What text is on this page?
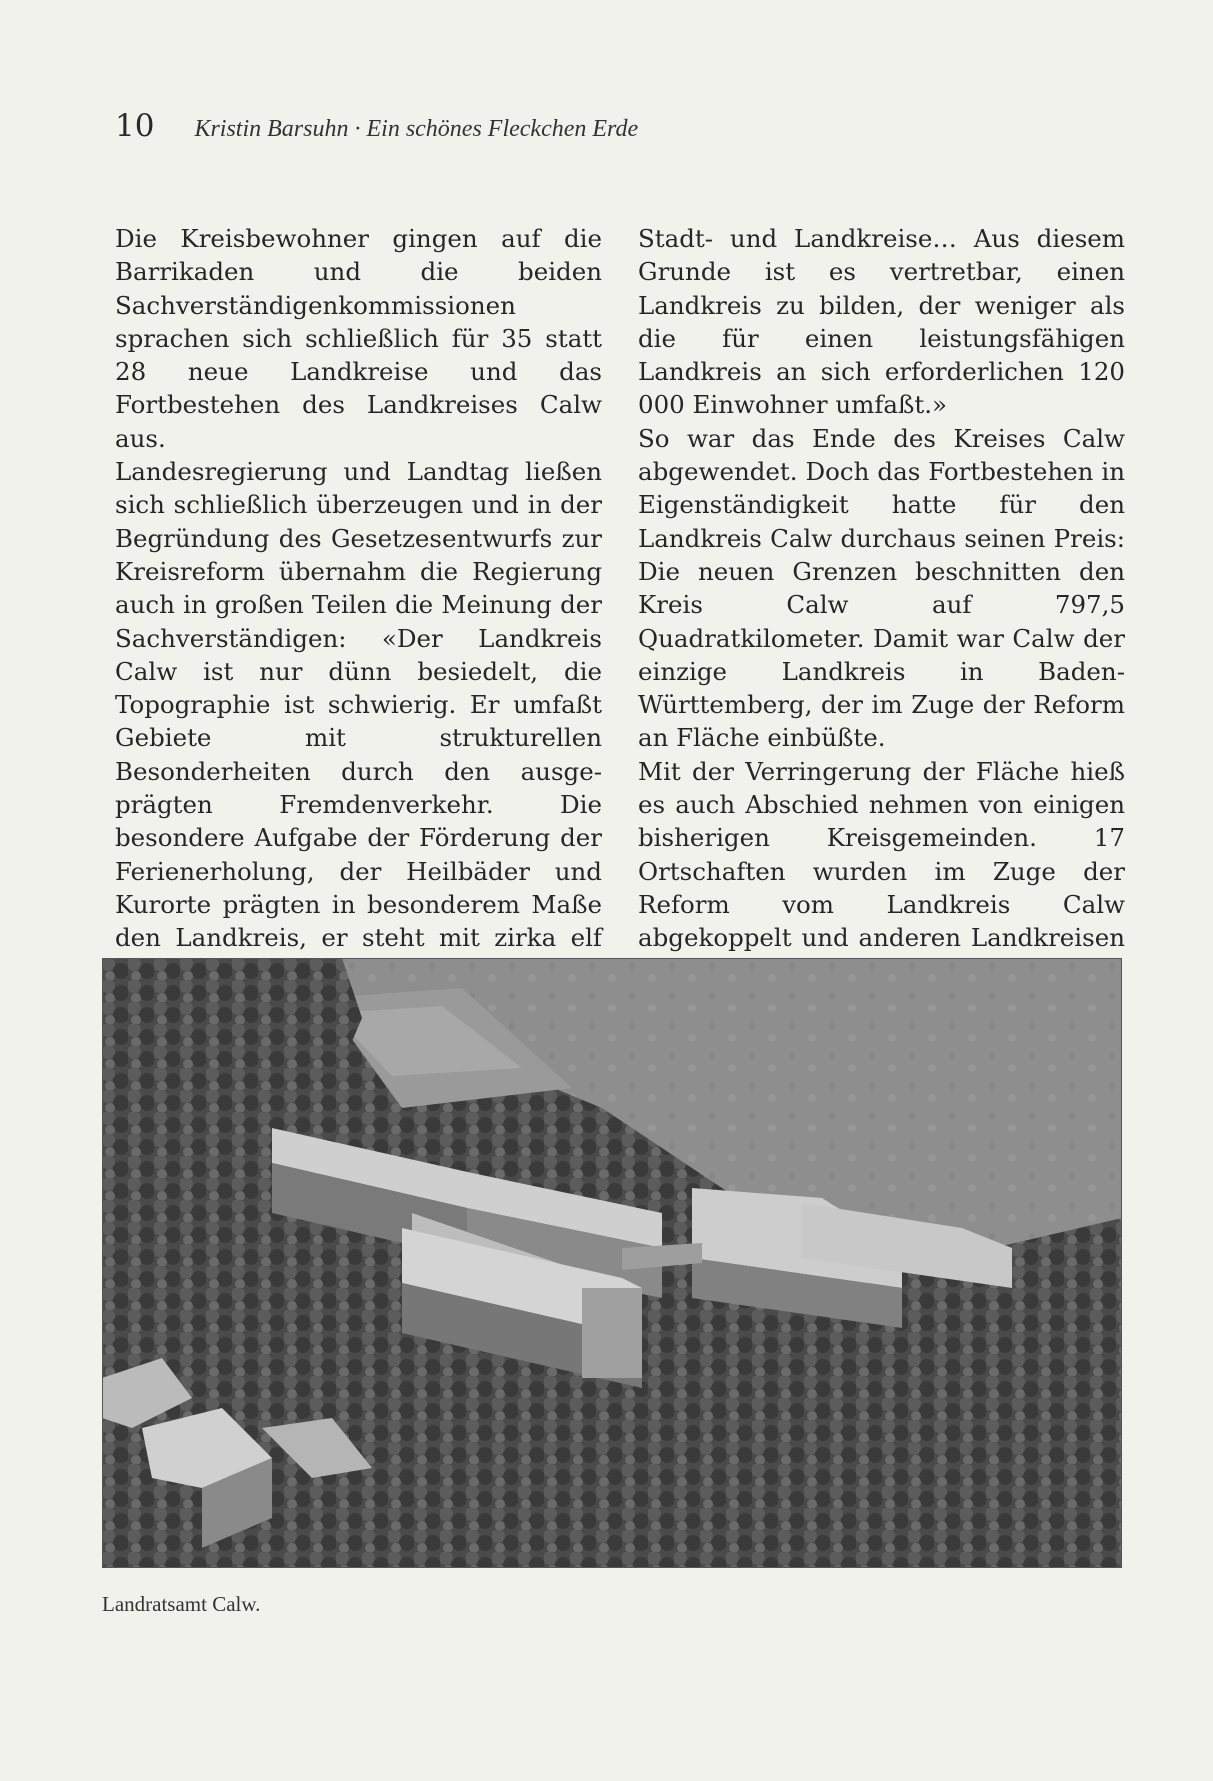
10 Kristin Barsuhn · Ein schönes Fleckchen Erde

Die Kreisbewohner gingen auf die Barrikaden und die beiden Sachverständigenkommissionen sprachen sich schließlich für 35 statt 28 neue Landkreise und das Fortbestehen des Landkreises Calw aus.

Landesregierung und Landtag ließen sich schließlich überzeugen und in der Begründung des Gesetzesentwurfs zur Kreisreform übernahm die Regierung auch in großen Teilen die Meinung der Sachverständigen: «Der Landkreis Calw ist nur dünn besiedelt, die Topographie ist schwierig. Er umfaßt Gebiete mit strukturellen Besonderheiten durch den ausgeprägten Fremdenverkehr. Die besondere Aufgabe der Förderung der Ferienerholung, der Heilbäder und Kurorte prägten in besonderem Maße den Landkreis, er steht mit zirka elf

Stadt- und Landkreise… Aus diesem Grunde ist es vertretbar, einen Landkreis zu bilden, der weniger als die für einen leistungsfähigen Landkreis an sich erforderlichen 120 000 Einwohner umfaßt.»

So war das Ende des Kreises Calw abgewendet. Doch das Fortbestehen in Eigenständigkeit hatte für den Landkreis Calw durchaus seinen Preis: Die neuen Grenzen beschnitten den Kreis Calw auf 797,5 Quadratkilometer. Damit war Calw der einzige Landkreis in Baden-Württemberg, der im Zuge der Reform an Fläche einbüßte.

Mit der Verringerung der Fläche hieß es auch Abschied nehmen von einigen bisherigen Kreisgemeinden. 17 Ortschaften wurden im Zuge der Reform vom Landkreis Calw abgekoppelt und anderen Landkreisen

Landratsamt Calw.
